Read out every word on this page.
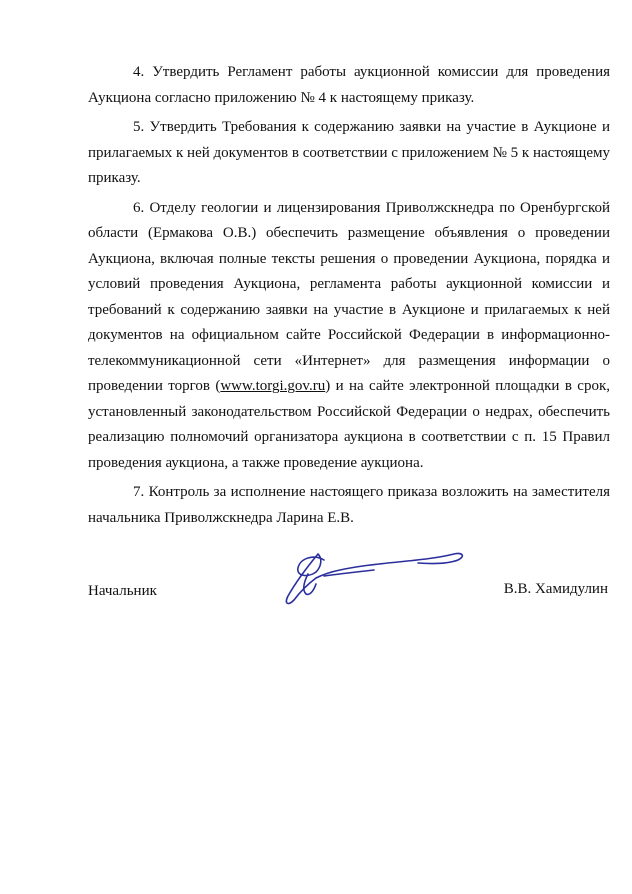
4. Утвердить Регламент работы аукционной комиссии для проведения Аукциона согласно приложению № 4 к настоящему приказу.

5. Утвердить Требования к содержанию заявки на участие в Аукционе и прилагаемых к ней документов в соответствии с приложением № 5 к настоящему приказу.

6. Отделу геологии и лицензирования Приволжскнедра по Оренбургской области (Ермакова О.В.) обеспечить размещение объявления о проведении Аукциона, включая полные тексты решения о проведении Аукциона, порядка и условий проведения Аукциона, регламента работы аукционной комиссии и требований к содержанию заявки на участие в Аукционе и прилагаемых к ней документов на официальном сайте Российской Федерации в информационно-телекоммуникационной сети «Интернет» для размещения информации о проведении торгов (www.torgi.gov.ru) и на сайте электронной площадки в срок, установленный законодательством Российской Федерации о недрах, обеспечить реализацию полномочий организатора аукциона в соответствии с п. 15 Правил проведения аукциона, а также проведение аукциона.

7. Контроль за исполнение настоящего приказа возложить на заместителя начальника Приволжскнедра Ларина Е.В.

Начальник	В.В. Хамидулин
